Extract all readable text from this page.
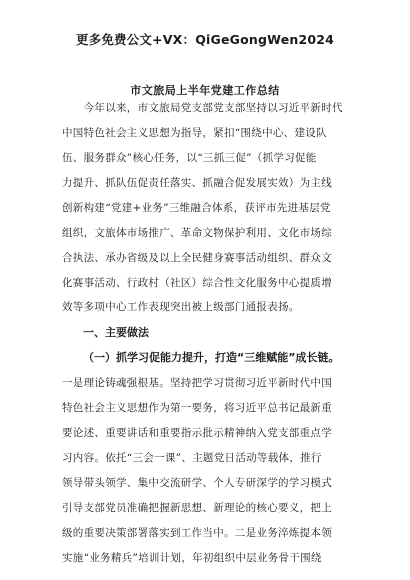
更多免费公文+VX：QiGeGongWen2024
市文旅局上半年党建工作总结
　　今年以来，市文旅局党支部党支部坚持以习近平新时代
中国特色社会主义思想为指导，紧扣“围绕中心、建设队
伍、服务群众”核心任务，以“三抓三促”（抓学习促能
力提升、抓队伍促责任落实、抓融合促发展实效）为主线
创新构建“党建+业务”三维融合体系，获评市先进基层党
组织，文旅体市场推广、革命文物保护利用、文化市场综
合执法、承办省级及以上全民健身赛事活动组织、群众文
化赛事活动、行政村（社区）综合性文化服务中心提质增
效等多项中心工作表现突出被上级部门通报表扬。
一、主要做法
（一）抓学习促能力提升，打造“三维赋能”成长链。
一是理论铸魂强根基。坚持把学习贯彻习近平新时代中国
特色社会主义思想作为第一要务，将习近平总书记最新重
要论述、重要讲话和重要指示批示精神纳入党支部重点学
习内容。依托“三会一课”、主题党日活动等载体，推行
领导带头领学、集中交流研学、个人专研深学的学习模式
引导支部党员准确把握新思想、新理论的核心要义，把上
级的重要决策部署落实到工作当中。二是业务淬炼提本领
实施“业务精兵”培训计划，年初组织中层业务骨干围绕
